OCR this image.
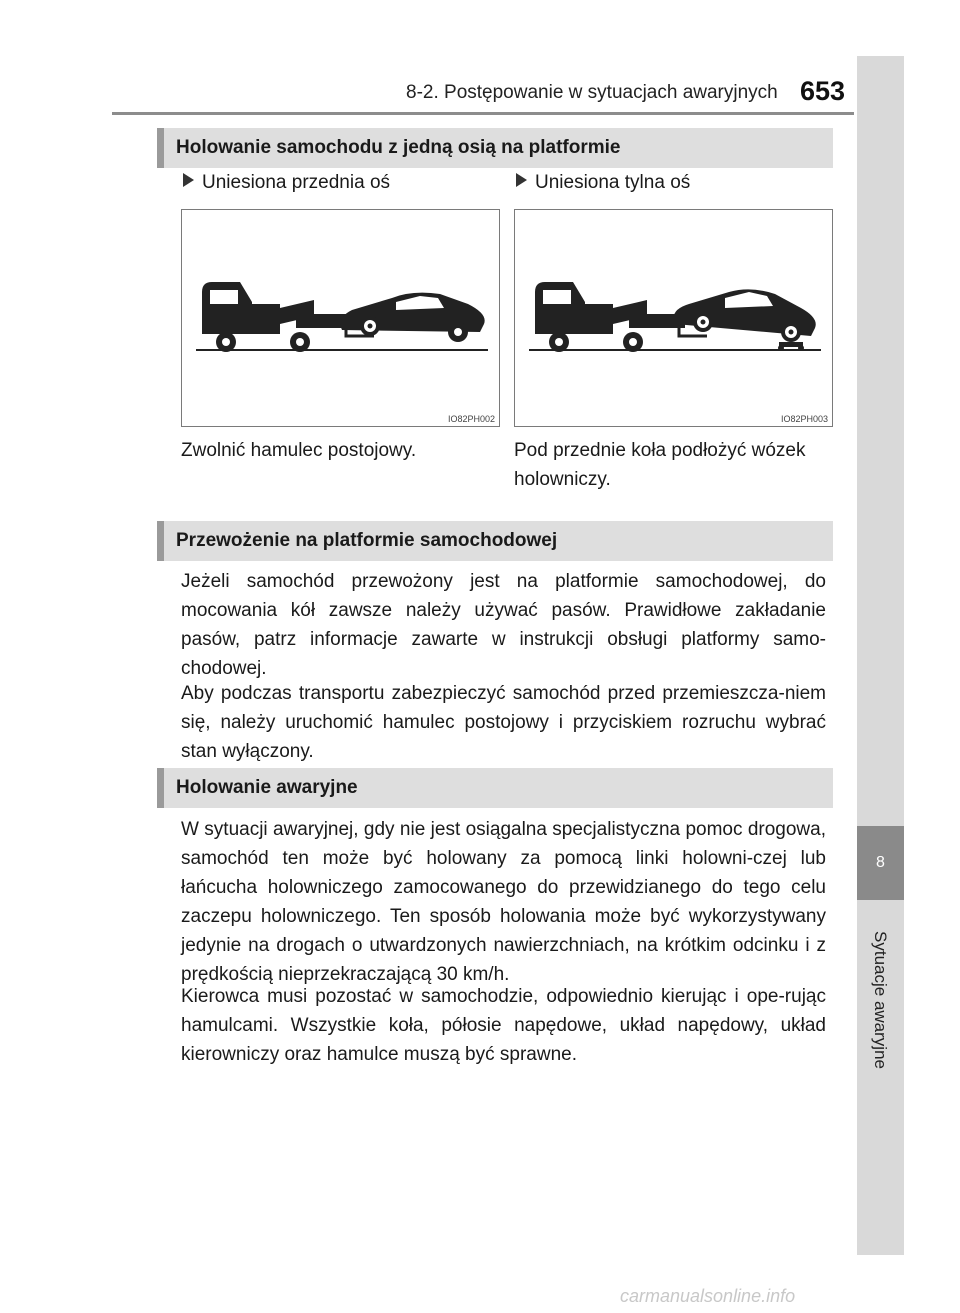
8-2. Postępowanie w sytuacjach awaryjnych 653
8
Sytuacje awaryjne
Holowanie samochodu z jedną osią na platformie
Uniesiona przednia oś	Uniesiona tylna oś
IO82PH002	IO82PH003
Zwolnić hamulec postojowy.	Pod przednie koła podłożyć wózek holowniczy.
Przewożenie na platformie samochodowej

Jeżeli samochód przewożony jest na platformie samochodowej, do mocowania kół zawsze należy używać pasów. Prawidłowe zakładanie pasów, patrz informacje zawarte w instrukcji obsługi platformy samo-chodowej.

Aby podczas transportu zabezpieczyć samochód przed przemieszcza-niem się, należy uruchomić hamulec postojowy i przyciskiem rozruchu wybrać stan wyłączony.

Holowanie awaryjne

W sytuacji awaryjnej, gdy nie jest osiągalna specjalistyczna pomoc drogowa, samochód ten może być holowany za pomocą linki holowni-czej lub łańcucha holowniczego zamocowanego do przewidzianego do tego celu zaczepu holowniczego. Ten sposób holowania może być wykorzystywany jedynie na drogach o utwardzonych nawierzchniach, na krótkim odcinku i z prędkością nieprzekraczającą 30 km/h.

Kierowca musi pozostać w samochodzie, odpowiednio kierując i ope-rując hamulcami. Wszystkie koła, półosie napędowe, układ napędowy, układ kierowniczy oraz hamulce muszą być sprawne.

carmanualsonline.info
